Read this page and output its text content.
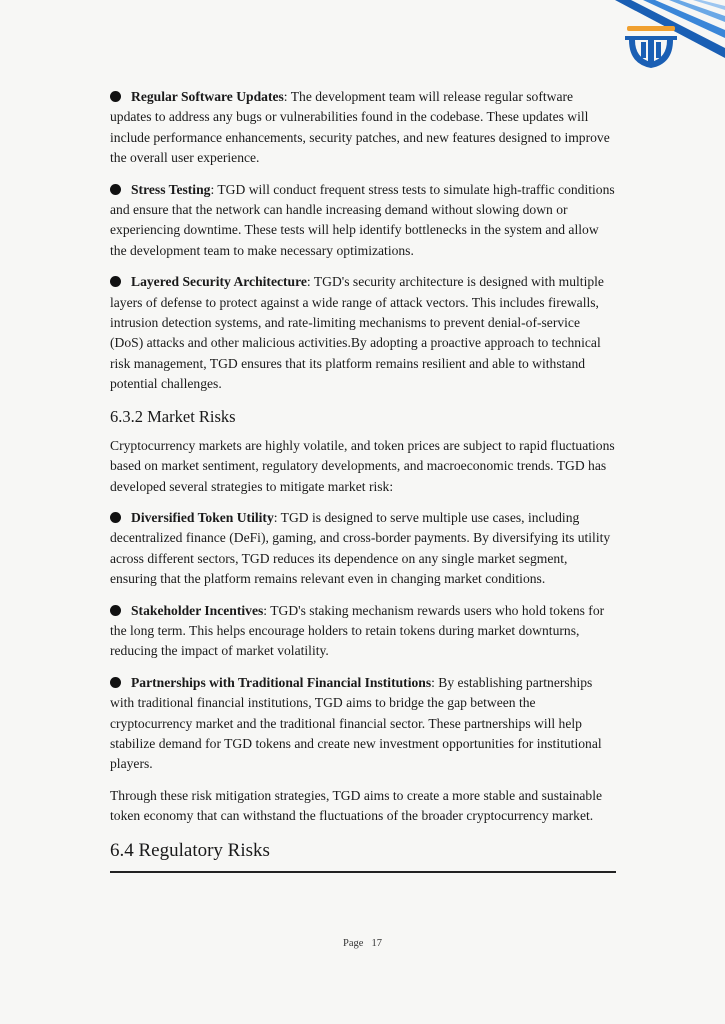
Regular Software Updates: The development team will release regular software updates to address any bugs or vulnerabilities found in the codebase. These updates will include performance enhancements, security patches, and new features designed to improve the overall user experience.

Stress Testing: TGD will conduct frequent stress tests to simulate high-traffic conditions and ensure that the network can handle increasing demand without slowing down or experiencing downtime. These tests will help identify bottlenecks in the system and allow the development team to make necessary optimizations.

Layered Security Architecture: TGD's security architecture is designed with multiple layers of defense to protect against a wide range of attack vectors. This includes firewalls, intrusion detection systems, and rate-limiting mechanisms to prevent denial-of-service (DoS) attacks and other malicious activities.By adopting a proactive approach to technical risk management, TGD ensures that its platform remains resilient and able to withstand potential challenges.

6.3.2 Market Risks

Cryptocurrency markets are highly volatile, and token prices are subject to rapid fluctuations based on market sentiment, regulatory developments, and macroeconomic trends. TGD has developed several strategies to mitigate market risk:

Diversified Token Utility: TGD is designed to serve multiple use cases, including decentralized finance (DeFi), gaming, and cross-border payments. By diversifying its utility across different sectors, TGD reduces its dependence on any single market segment, ensuring that the platform remains relevant even in changing market conditions.

Stakeholder Incentives: TGD's staking mechanism rewards users who hold tokens for the long term. This helps encourage holders to retain tokens during market downturns, reducing the impact of market volatility.

Partnerships with Traditional Financial Institutions: By establishing partnerships with traditional financial institutions, TGD aims to bridge the gap between the cryptocurrency market and the traditional financial sector. These partnerships will help stabilize demand for TGD tokens and create new investment opportunities for institutional players.

Through these risk mitigation strategies, TGD aims to create a more stable and sustainable token economy that can withstand the fluctuations of the broader cryptocurrency market.

6.4 Regulatory Risks
Page 17
